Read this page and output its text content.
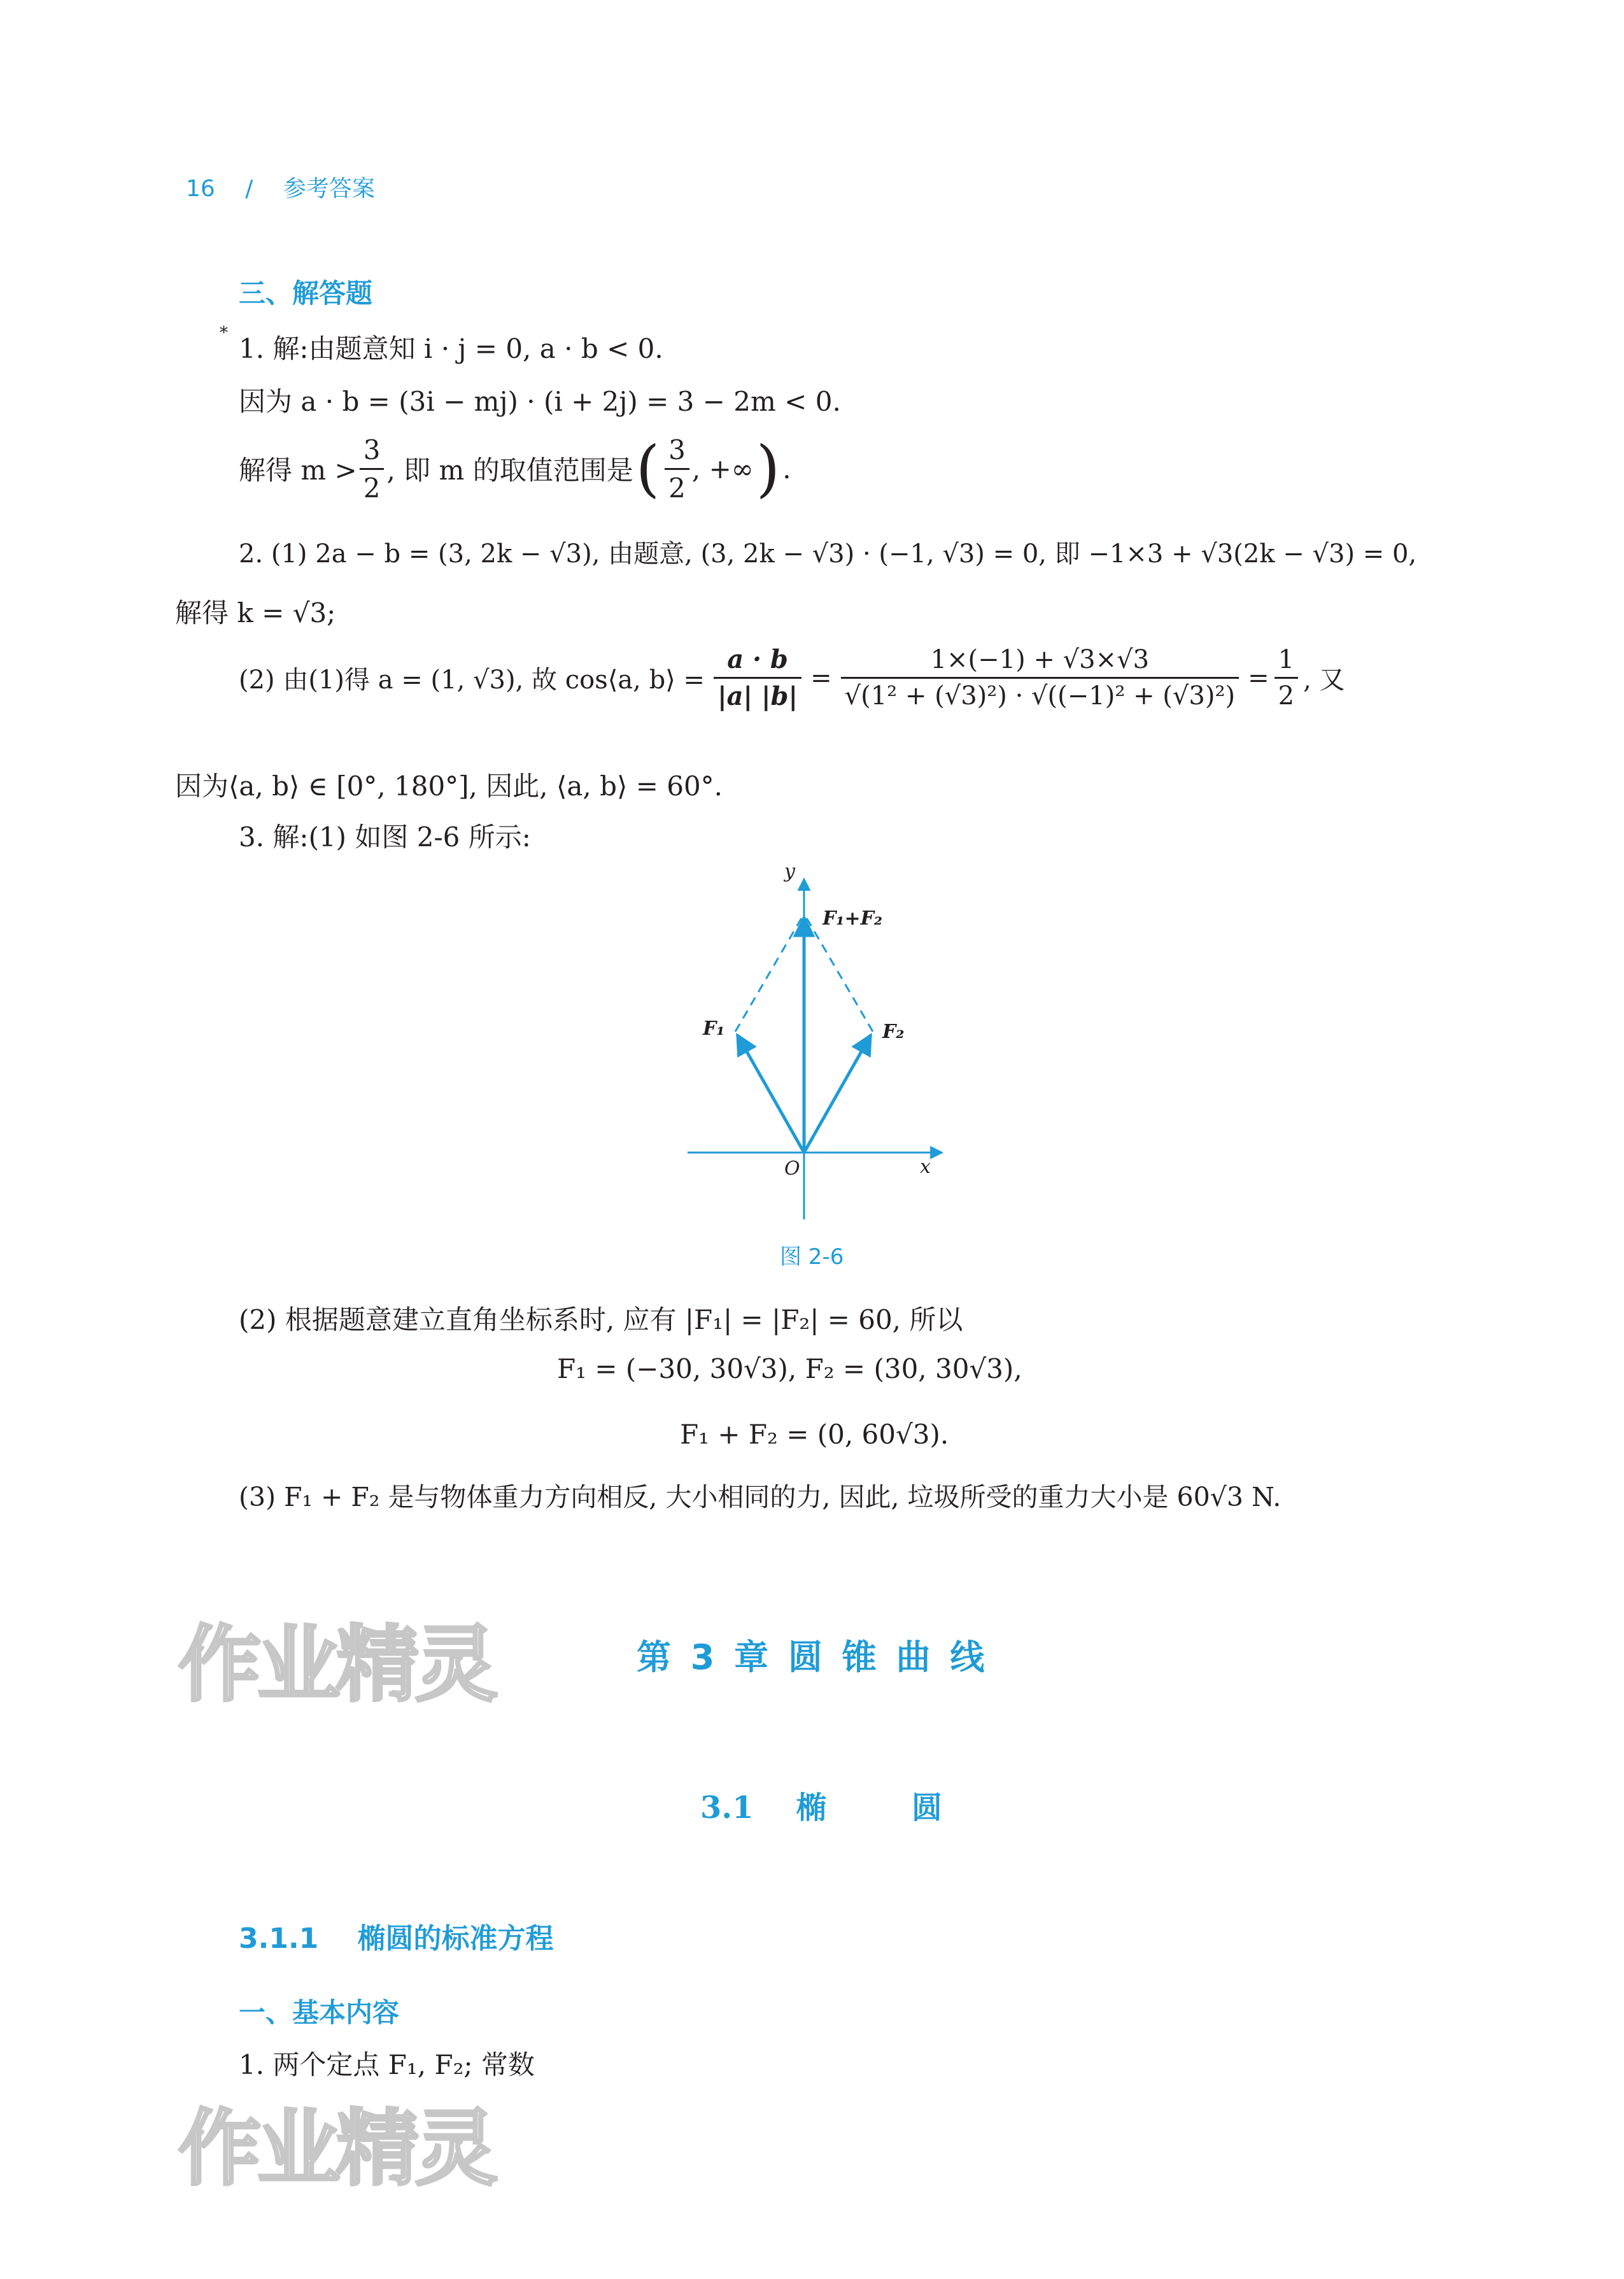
16 / 参考答案
三、解答题
* 1. 解:由题意知 i · j = 0, a · b < 0.
因为 a · b = (3i − mj) · (i + 2j) = 3 − 2m < 0.
解得 $m > \frac{3}{2}$ , 即 m 的取值范围是 ( $\frac{3}{2}$ , +∞ ) .
2. (1) 2a − b = (3, 2k − √3), 由题意, (3, 2k − √3) · (−1, √3) = 0, 即 −1×3 + √3(2k − √3) = 0,
解得 k = √3;
(2) 由(1)得 a = (1, √3), 故 cos⟨a, b⟩ = $\frac{a \cdot b}{|a| |b|} = \frac{1\times(-1) + √3\times√3}{\text{√(1² + (√3)²) · √((−1)² + (√3)²)}} = \frac{1}{2}$ , 又
因为⟨a, b⟩ ∈ [0°, 180°], 因此, ⟨a, b⟩ = 60°.
3. 解:(1) 如图 2-6 所示:
y
x
O
F₁	F₂
F₁+F₂
图 2-6
(2) 根据题意建立直角坐标系时, 应有 |F₁| = |F₂| = 60, 所以
F₁ = (−30, 30√3), F₂ = (30, 30√3),
F₁ + F₂ = (0, 60√3).
(3) F₁ + F₂ 是与物体重力方向相反, 大小相同的力, 因此, 垃圾所受的重力大小是 60√3 N.
作业精灵
作业精灵
第 3 章 圆 锥 曲 线
3.1    椭        圆
3.1.1    椭圆的标准方程
一、基本内容
1. 两个定点 F₁, F₂; 常数
